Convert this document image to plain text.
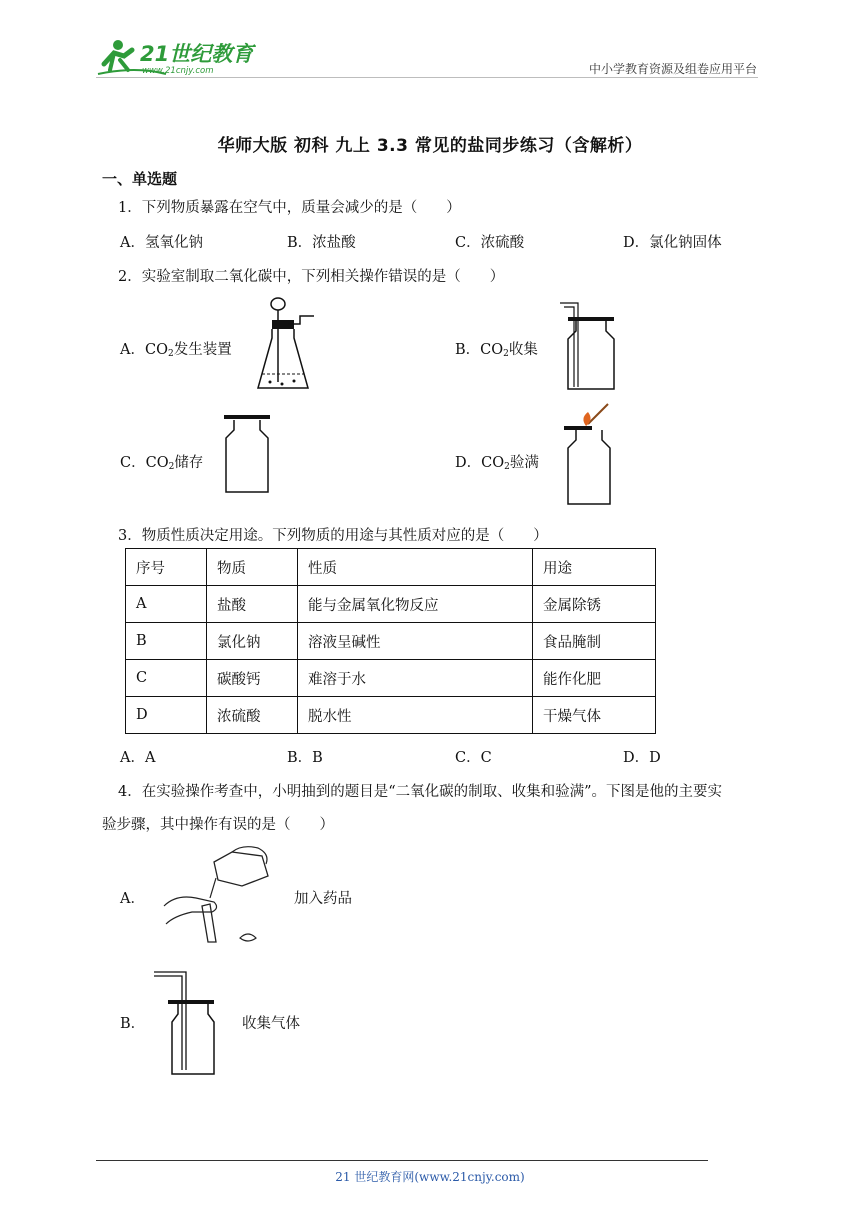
21世纪教育
www.21cnjy.com	中小学教育资源及组卷应用平台
华师大版 初科 九上 3.3 常见的盐同步练习（含解析）
一、单选题
1．下列物质暴露在空气中，质量会减少的是（　　）
A．氢氧化钠	B．浓盐酸	C．浓硫酸	D．氯化钠固体
2．实验室制取二氧化碳中，下列相关操作错误的是（　　）
A．$CO_2$发生装置	B．$CO_2$收集
C．$CO_2$储存	D．$CO_2$验满
3．物质性质决定用途。下列物质的用途与其性质对应的是（　　）
序号	物质	性质	用途
A	盐酸	能与金属氧化物反应	金属除锈
B	氯化钠	溶液呈碱性	食品腌制
C	碳酸钙	难溶于水	能作化肥
D	浓硫酸	脱水性	干燥气体
A．A	B．B	C．C	D．D
4．在实验操作考查中，小明抽到的题目是“二氧化碳的制取、收集和验满”。下图是他的主要实
验步骤，其中操作有误的是（　　）
A．	加入药品
B．	收集气体
21 世纪教育网(www.21cnjy.com)
